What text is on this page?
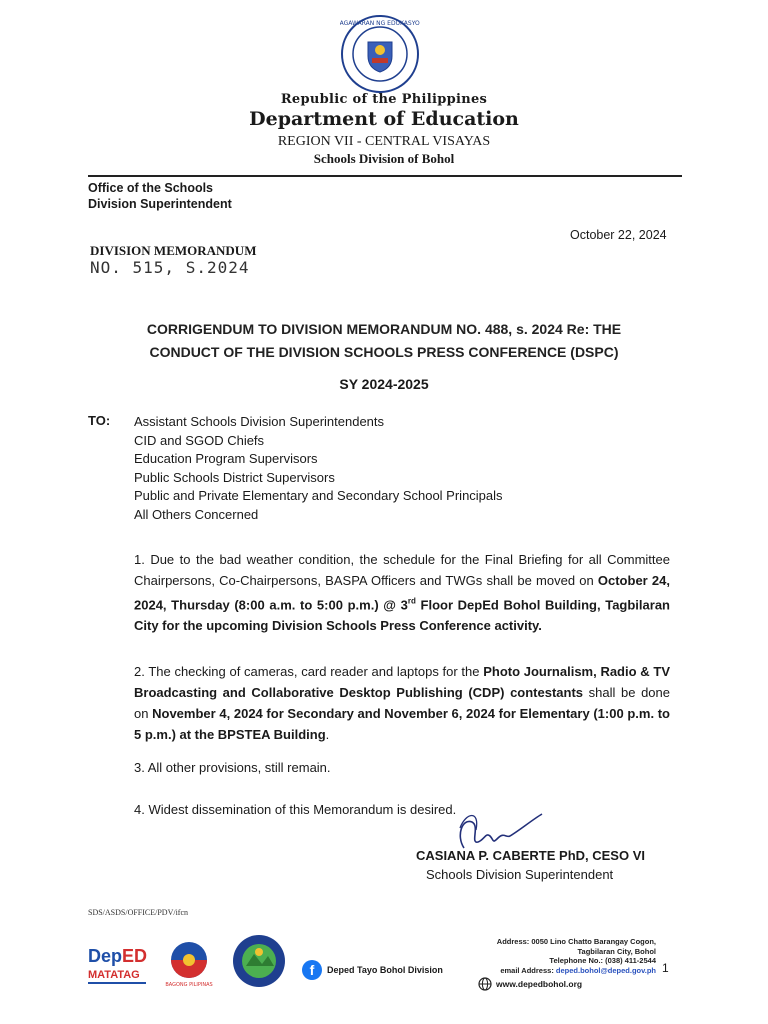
KAGAWARAN NG EDUKASYON
Republic of the Philippines
Department of Education
REGION VII - CENTRAL VISAYAS
Schools Division of Bohol
Office of the Schools
Division Superintendent
October 22, 2024
DIVISION MEMORANDUM
NO. 515, S.2024
CORRIGENDUM TO DIVISION MEMORANDUM NO. 488, s. 2024 Re: THE
CONDUCT OF THE DIVISION SCHOOLS PRESS CONFERENCE (DSPC)
SY 2024-2025
TO: Assistant Schools Division Superintendents
CID and SGOD Chiefs
Education Program Supervisors
Public Schools District Supervisors
Public and Private Elementary and Secondary School Principals
All Others Concerned
1. Due to the bad weather condition, the schedule for the Final Briefing for all Committee Chairpersons, Co-Chairpersons, BASPA Officers and TWGs shall be moved on October 24, 2024, Thursday (8:00 a.m. to 5:00 p.m.) @ 3rd Floor DepEd Bohol Building, Tagbilaran City for the upcoming Division Schools Press Conference activity.
2. The checking of cameras, card reader and laptops for the Photo Journalism, Radio & TV Broadcasting and Collaborative Desktop Publishing (CDP) contestants shall be done on November 4, 2024 for Secondary and November 6, 2024 for Elementary (1:00 p.m. to 5 p.m.) at the BPSTEA Building.
3. All other provisions, still remain.
4. Widest dissemination of this Memorandum is desired.
CASIANA P. CABERTE PhD, CESO VI
Schools Division Superintendent
SDS/ASDS/OFFICE/PDV/ifcn
Dep ED
MATATAG
BAGONG PILIPINAS
f	Deped Tayo Bohol Division
Address: 0050 Lino Chatto Barangay Cogon,
Tagbilaran City, Bohol
Telephone No.: (038) 411-2544
email Address: deped.bohol@deped.gov.ph
www.depedbohol.org
1
